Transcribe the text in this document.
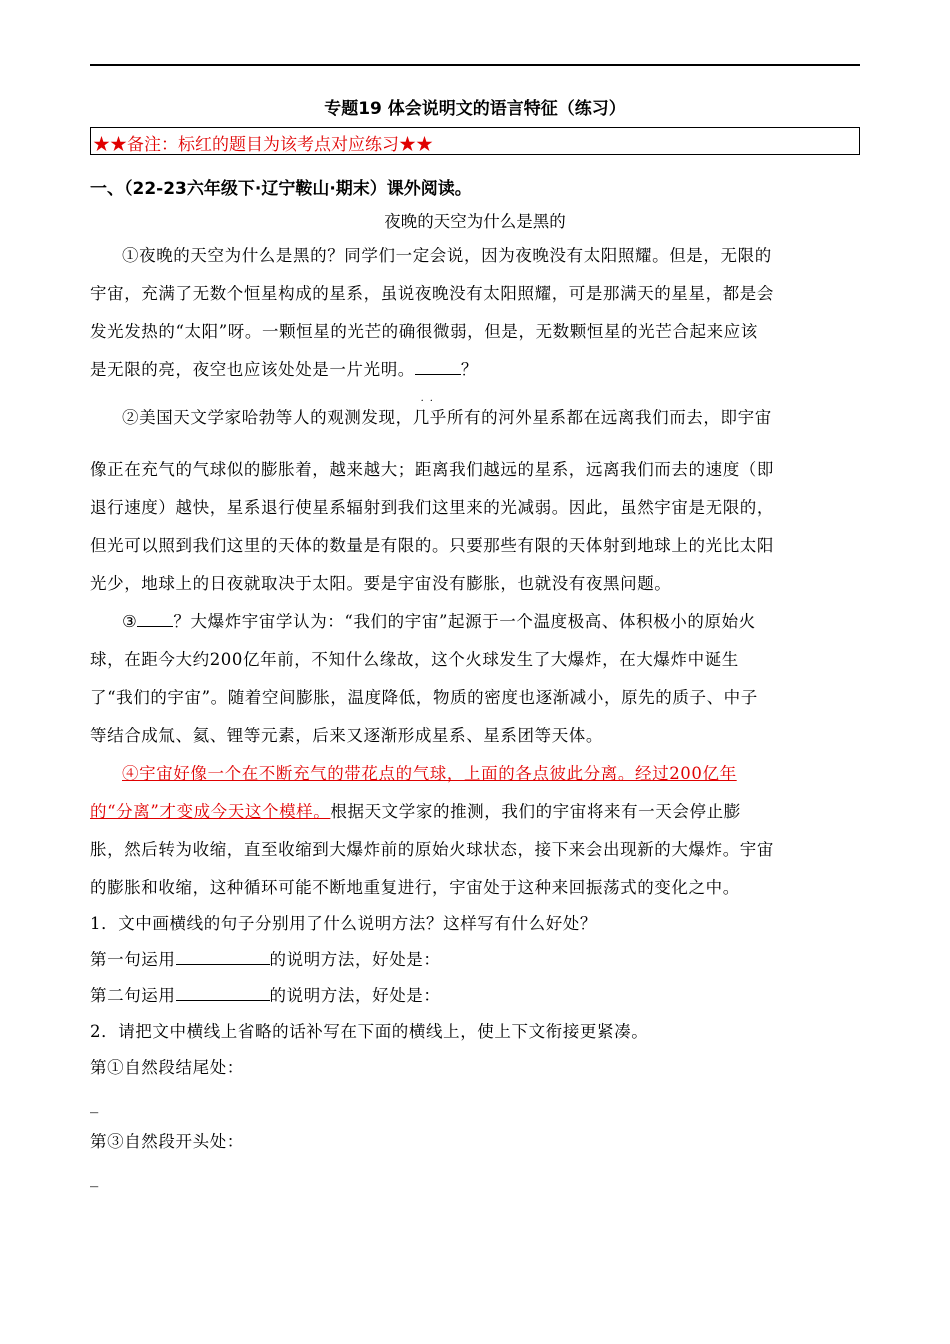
专题19 体会说明文的语言特征（练习）
★★备注：标红的题目为该考点对应练习★★
一、（22-23六年级下·辽宁鞍山·期末）课外阅读。
夜晚的天空为什么是黑的
①夜晚的天空为什么是黑的？同学们一定会说，因为夜晚没有太阳照耀。但是，无限的
宇宙，充满了无数个恒星构成的星系，虽说夜晚没有太阳照耀，可是那满天的星星，都是会
发光发热的“太阳”呀。一颗恒星的光芒的确很微弱，但是，无数颗恒星的光芒合起来应该
是无限的亮，夜空也应该处处是一片光明。	？
②美国天文学家哈勃等人的观测发现，
··
几乎所有的河外星系都在远离我们而去，即宇宙
像正在充气的气球似的膨胀着，越来越大；距离我们越远的星系，远离我们而去的速度（即
退行速度）越快，星系退行使星系辐射到我们这里来的光减弱。因此，虽然宇宙是无限的，
但光可以照到我们这里的天体的数量是有限的。只要那些有限的天体射到地球上的光比太阳
光少，地球上的日夜就取决于太阳。要是宇宙没有膨胀，也就没有夜黑问题。
③ ？大爆炸宇宙学认为：“我们的宇宙”起源于一个温度极高、体积极小的原始火
球，在距今大约200亿年前，不知什么缘故，这个火球发生了大爆炸，在大爆炸中诞生
了“我们的宇宙”。随着空间膨胀，温度降低，物质的密度也逐渐减小，原先的质子、中子
等结合成氚、氦、锂等元素，后来又逐渐形成星系、星系团等天体。
④宇宙好像一个在不断充气的带花点的气球，上面的各点彼此分离。经过200亿年
的“分离”才变成今天这个模样。根据天文学家的推测，我们的宇宙将来有一天会停止膨
胀，然后转为收缩，直至收缩到大爆炸前的原始火球状态，接下来会出现新的大爆炸。宇宙
的膨胀和收缩，这种循环可能不断地重复进行，宇宙处于这种来回振荡式的变化之中。
1．文中画横线的句子分别用了什么说明方法？这样写有什么好处？
第一句运用	的说明方法，好处是：
第二句运用	的说明方法，好处是：
2．请把文中横线上省略的话补写在下面的横线上，使上下文衔接更紧凑。
第①自然段结尾处：
_
第③自然段开头处：
_
